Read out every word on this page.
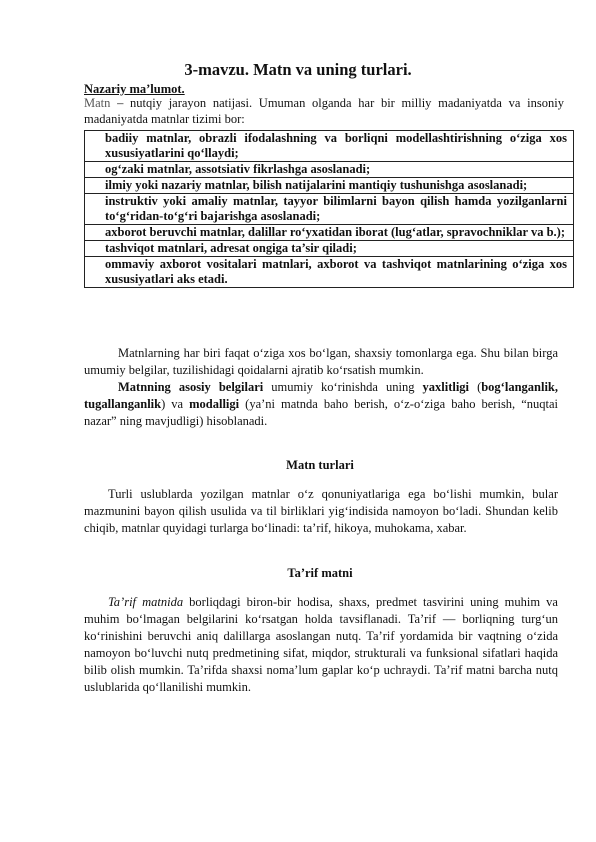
3-mavzu. Matn va uning turlari.
Nazariy ma’lumot.
Matn – nutqiy jarayon natijasi. Umuman olganda har bir milliy madaniyatda va insoniy madaniyatda matnlar tizimi bor:
badiiy matnlar, obrazli ifodalashning va borliqni modellashtirishning o‘ziga xos xususiyatlarini qo‘llaydi;
og‘zaki matnlar, assotsiativ fikrlashga asoslanadi;
ilmiy yoki nazariy matnlar, bilish natijalarini mantiqiy tushunishga asoslanadi;
instruktiv yoki amaliy matnlar, tayyor bilimlarni bayon qilish hamda yozilganlarni to‘g‘ridan-to‘g‘ri bajarishga asoslanadi;
axborot beruvchi matnlar, dalillar ro‘yxatidan iborat (lug‘atlar, spravochniklar va b.);
tashviqot matnlari, adresat ongiga ta’sir qiladi;
ommaviy axborot vositalari matnlari, axborot va tashviqot matnlarining o‘ziga xos xususiyatlari aks etadi.
Matnlarning har biri faqat o‘ziga xos bo‘lgan, shaxsiy tomonlarga ega. Shu bilan birga umumiy belgilar, tuzilishidagi qoidalarni ajratib ko‘rsatish mumkin.
Matnning asosiy belgilari umumiy ko‘rinishda uning yaxlitligi (bog‘langanlik, tugallanganlik) va modalligi (ya’ni matnda baho berish, o‘z-o‘ziga baho berish, “nuqtai nazar” ning mavjudligi) hisoblanadi.
Matn turlari
Turli uslublarda yozilgan matnlar o‘z qonuniyatlariga ega bo‘lishi mumkin, bular mazmunini bayon qilish usulida va til birliklari yig‘indisida namoyon bo‘ladi. Shundan kelib chiqib, matnlar quyidagi turlarga bo‘linadi: ta’rif, hikoya, muhokama, xabar.
Ta’rif matni
Ta’rif matnida borliqdagi biron-bir hodisa, shaxs, predmet tasvirini uning muhim va muhim bo‘lmagan belgilarini ko‘rsatgan holda tavsiflanadi. Ta’rif — borliqning turg‘un ko‘rinishini beruvchi aniq dalillarga asoslangan nutq. Ta’rif yordamida bir vaqtning o‘zida namoyon bo‘luvchi nutq predmetining sifat, miqdor, strukturali va funksional sifatlari haqida bilib olish mumkin. Ta’rifda shaxsi noma’lum gaplar ko‘p uchraydi. Ta’rif matni barcha nutq uslublarida qo‘llanilishi mumkin.
